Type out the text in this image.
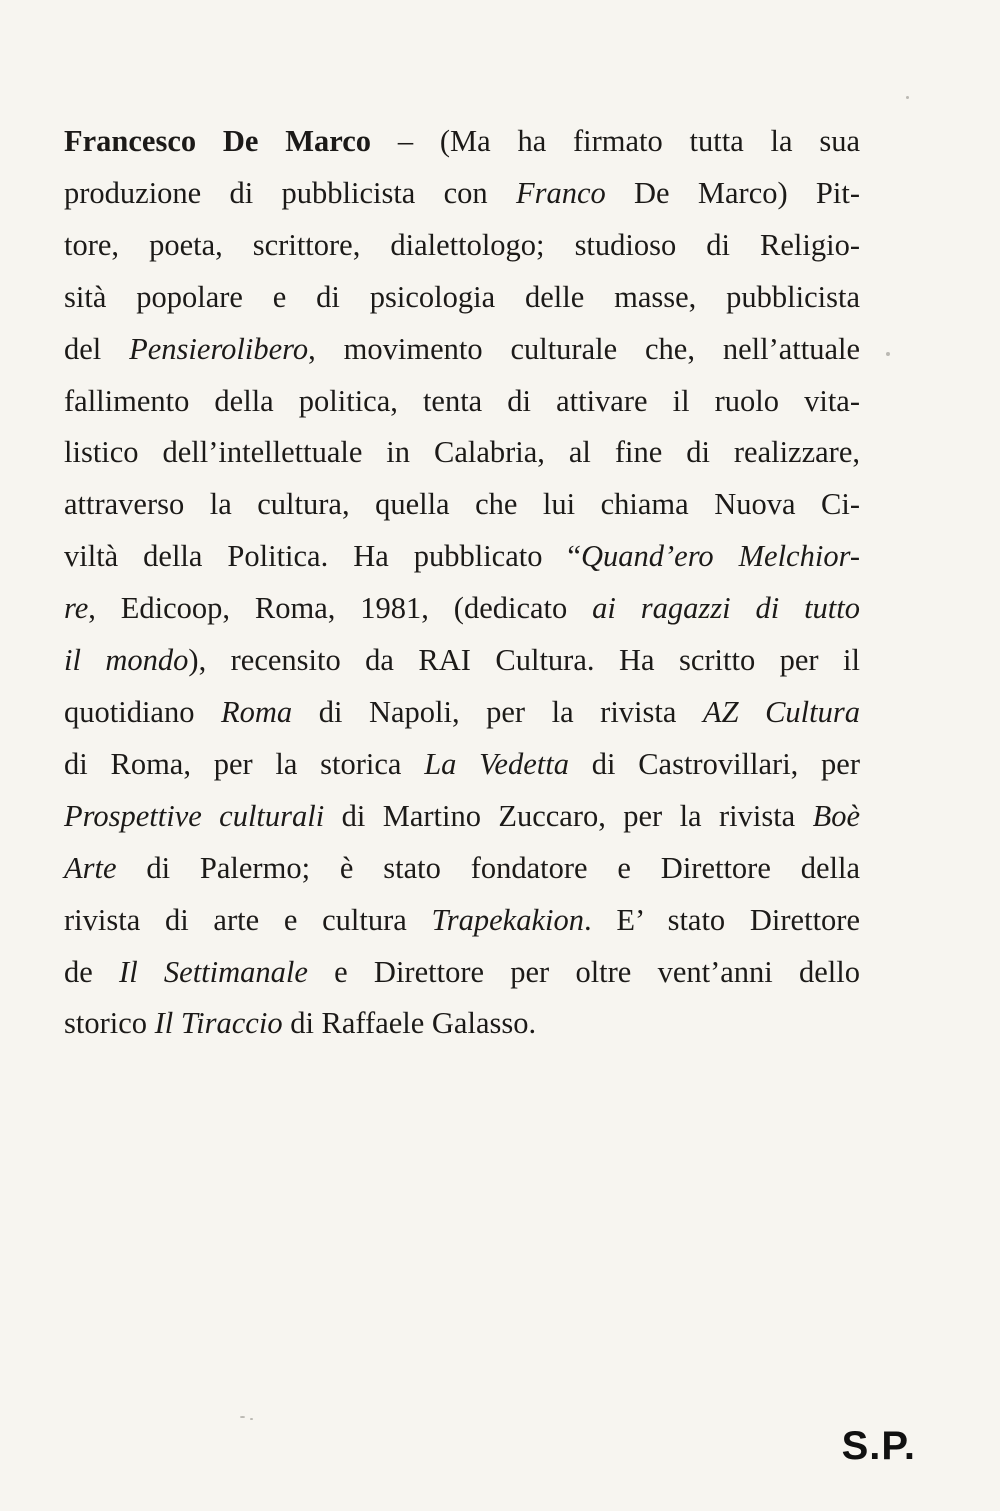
Francesco De Marco – (Ma ha firmato tutta la sua
produzione di pubblicista con Franco De Marco) Pit-
tore, poeta, scrittore, dialettologo; studioso di Religio-
sità popolare e di psicologia delle masse, pubblicista
del Pensierolibero, movimento culturale che, nell’attuale
fallimento della politica, tenta di attivare il ruolo vita-
listico dell’intellettuale in Calabria, al fine di realizzare,
attraverso la cultura, quella che lui chiama Nuova Ci-
viltà della Politica. Ha pubblicato “Quand’ero Melchior-
re, Edicoop, Roma, 1981, (dedicato ai ragazzi di tutto
il mondo), recensito da RAI Cultura. Ha scritto per il
quotidiano Roma di Napoli, per la rivista AZ Cultura
di Roma, per la storica La Vedetta di Castrovillari, per
Prospettive culturali di Martino Zuccaro, per la rivista Boè
Arte di Palermo; è stato fondatore e Direttore della
rivista di arte e cultura Trapekakion. E’ stato Direttore
de Il Settimanale e Direttore per oltre vent’anni dello
storico Il Tiraccio di Raffaele Galasso.

S.P.
